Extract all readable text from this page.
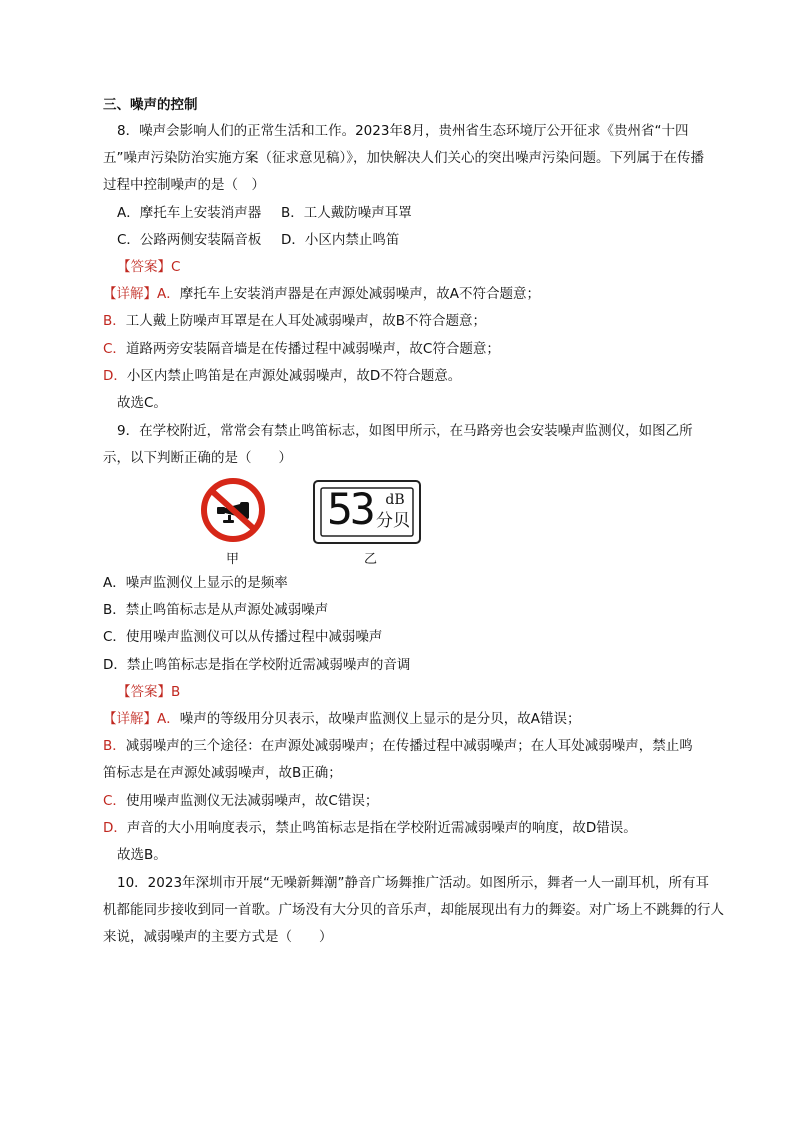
三、噪声的控制
8．噪声会影响人们的正常生活和工作。2023年8月，贵州省生态环境厅公开征求《贵州省“十四
五”噪声污染防治实施方案（征求意见稿）》，加快解决人们关心的突出噪声污染问题。下列属于在传播
过程中控制噪声的是（　）
A．摩托车上安装消声器 B．工人戴防噪声耳罩
C．公路两侧安装隔音板 D．小区内禁止鸣笛
【答案】C
【详解】A．摩托车上安装消声器是在声源处减弱噪声，故A不符合题意；
B．工人戴上防噪声耳罩是在人耳处减弱噪声，故B不符合题意；
C．道路两旁安装隔音墙是在传播过程中减弱噪声，故C符合题意；
D．小区内禁止鸣笛是在声源处减弱噪声，故D不符合题意。
故选C。
9．在学校附近，常常会有禁止鸣笛标志，如图甲所示，在马路旁也会安装噪声监测仪，如图乙所
示，以下判断正确的是（　　）
53 dB
分贝
甲	乙
A．噪声监测仪上显示的是频率
B．禁止鸣笛标志是从声源处减弱噪声
C．使用噪声监测仪可以从传播过程中减弱噪声
D．禁止鸣笛标志是指在学校附近需减弱噪声的音调
【答案】B
【详解】A．噪声的等级用分贝表示，故噪声监测仪上显示的是分贝，故A错误；
B．减弱噪声的三个途径：在声源处减弱噪声；在传播过程中减弱噪声；在人耳处减弱噪声，禁止鸣
笛标志是在声源处减弱噪声，故B正确；
C．使用噪声监测仪无法减弱噪声，故C错误；
D．声音的大小用响度表示，禁止鸣笛标志是指在学校附近需减弱噪声的响度，故D错误。
故选B。
10．2023年深圳市开展“无噪新舞潮”静音广场舞推广活动。如图所示，舞者一人一副耳机，所有耳
机都能同步接收到同一首歌。广场没有大分贝的音乐声，却能展现出有力的舞姿。对广场上不跳舞的行人
来说，减弱噪声的主要方式是（　　）
